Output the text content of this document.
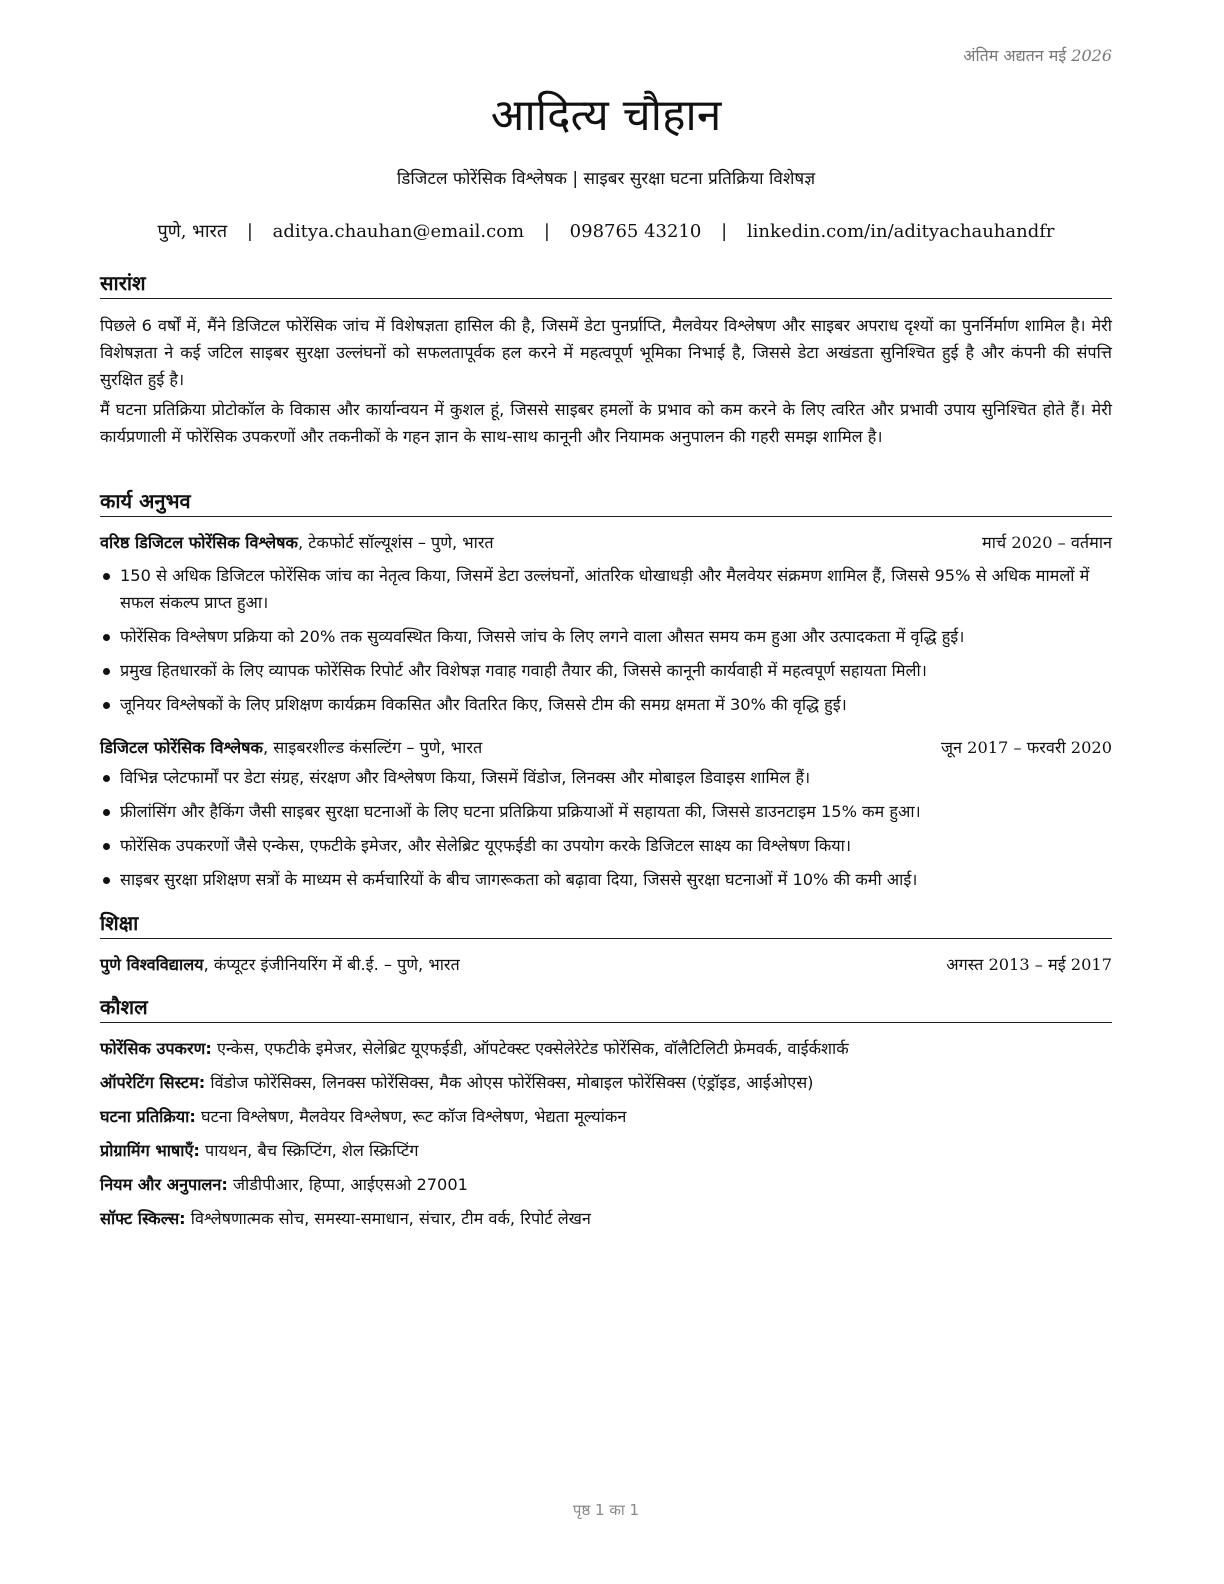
अंतिम अद्यतन मई 2026
आदित्य चौहान
डिजिटल फोरेंसिक विश्लेषक | साइबर सुरक्षा घटना प्रतिक्रिया विशेषज्ञ
पुणे, भारत | aditya.chauhan@email.com | 098765 43210 | linkedin.com/in/adityachauhandfr
सारांश

पिछले 6 वर्षों में, मैंने डिजिटल फोरेंसिक जांच में विशेषज्ञता हासिल की है, जिसमें डेटा पुनर्प्राप्ति, मैलवेयर विश्लेषण और साइबर अपराध दृश्यों का पुनर्निर्माण शामिल है। मेरी विशेषज्ञता ने कई जटिल साइबर सुरक्षा उल्लंघनों को सफलतापूर्वक हल करने में महत्वपूर्ण भूमिका निभाई है, जिससे डेटा अखंडता सुनिश्चित हुई है और कंपनी की संपत्ति सुरक्षित हुई है।

मैं घटना प्रतिक्रिया प्रोटोकॉल के विकास और कार्यान्वयन में कुशल हूं, जिससे साइबर हमलों के प्रभाव को कम करने के लिए त्वरित और प्रभावी उपाय सुनिश्चित होते हैं। मेरी कार्यप्रणाली में फोरेंसिक उपकरणों और तकनीकों के गहन ज्ञान के साथ-साथ कानूनी और नियामक अनुपालन की गहरी समझ शामिल है।

कार्य अनुभव
वरिष्ठ डिजिटल फोरेंसिक विश्लेषक, टेकफोर्ट सॉल्यूशंस – पुणे, भारत	मार्च 2020 – वर्तमान
150 से अधिक डिजिटल फोरेंसिक जांच का नेतृत्व किया, जिसमें डेटा उल्लंघनों, आंतरिक धोखाधड़ी और मैलवेयर संक्रमण शामिल हैं, जिससे 95% से अधिक मामलों में सफल संकल्प प्राप्त हुआ।
फोरेंसिक विश्लेषण प्रक्रिया को 20% तक सुव्यवस्थित किया, जिससे जांच के लिए लगने वाला औसत समय कम हुआ और उत्पादकता में वृद्धि हुई।
प्रमुख हितधारकों के लिए व्यापक फोरेंसिक रिपोर्ट और विशेषज्ञ गवाह गवाही तैयार की, जिससे कानूनी कार्यवाही में महत्वपूर्ण सहायता मिली।
जूनियर विश्लेषकों के लिए प्रशिक्षण कार्यक्रम विकसित और वितरित किए, जिससे टीम की समग्र क्षमता में 30% की वृद्धि हुई।
डिजिटल फोरेंसिक विश्लेषक, साइबरशील्ड कंसल्टिंग – पुणे, भारत	जून 2017 – फरवरी 2020
विभिन्न प्लेटफार्मों पर डेटा संग्रह, संरक्षण और विश्लेषण किया, जिसमें विंडोज, लिनक्स और मोबाइल डिवाइस शामिल हैं।
फ्रीलांसिंग और हैकिंग जैसी साइबर सुरक्षा घटनाओं के लिए घटना प्रतिक्रिया प्रक्रियाओं में सहायता की, जिससे डाउनटाइम 15% कम हुआ।
फोरेंसिक उपकरणों जैसे एन्केस, एफटीके इमेजर, और सेलेब्रिट यूएफईडी का उपयोग करके डिजिटल साक्ष्य का विश्लेषण किया।
साइबर सुरक्षा प्रशिक्षण सत्रों के माध्यम से कर्मचारियों के बीच जागरूकता को बढ़ावा दिया, जिससे सुरक्षा घटनाओं में 10% की कमी आई।
शिक्षा
पुणे विश्वविद्यालय, कंप्यूटर इंजीनियरिंग में बी.ई. – पुणे, भारत	अगस्त 2013 – मई 2017
कौशल
फोरेंसिक उपकरण: एन्केस, एफटीके इमेजर, सेलेब्रिट यूएफईडी, ऑपटेक्स्ट एक्सेलेरेटेड फोरेंसिक, वॉलैटिलिटी फ्रेमवर्क, वाईर्कशार्क
ऑपरेटिंग सिस्टम: विंडोज फोरेंसिक्स, लिनक्स फोरेंसिक्स, मैक ओएस फोरेंसिक्स, मोबाइल फोरेंसिक्स (एंड्रॉइड, आईओएस)
घटना प्रतिक्रिया: घटना विश्लेषण, मैलवेयर विश्लेषण, रूट कॉज विश्लेषण, भेद्यता मूल्यांकन
प्रोग्रामिंग भाषाएँ: पायथन, बैच स्क्रिप्टिंग, शेल स्क्रिप्टिंग
नियम और अनुपालन: जीडीपीआर, हिप्पा, आईएसओ 27001
सॉफ्ट स्किल्स: विश्लेषणात्मक सोच, समस्या-समाधान, संचार, टीम वर्क, रिपोर्ट लेखन
पृष्ठ 1 का 1
